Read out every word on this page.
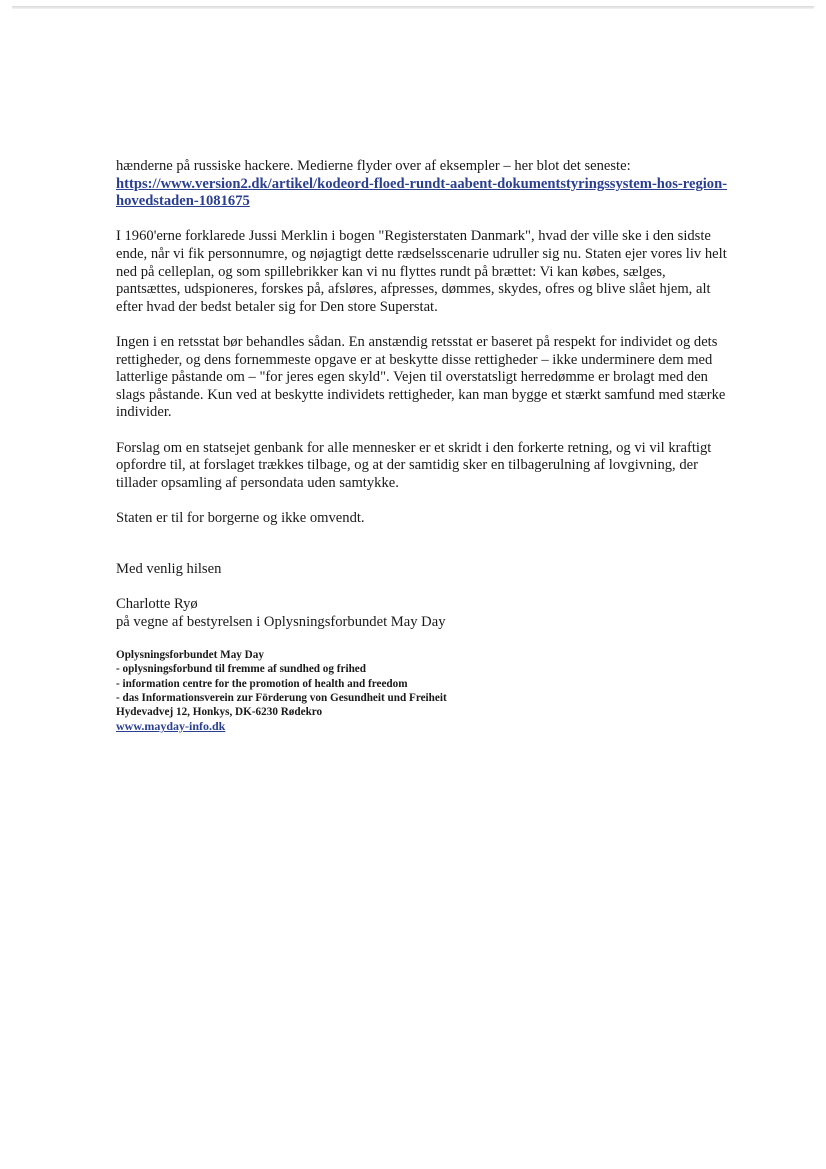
hænderne på russiske hackere. Medierne flyder over af eksempler – her blot det seneste:
https://www.version2.dk/artikel/kodeord-floed-rundt-aabent-dokumentstyringssystem-hos-region-hovedstaden-1081675

I 1960'erne forklarede Jussi Merklin i bogen "Registerstaten Danmark", hvad der ville ske i den sidste ende, når vi fik personnumre, og nøjagtigt dette rædselsscenarie udruller sig nu. Staten ejer vores liv helt ned på celleplan, og som spillebrikker kan vi nu flyttes rundt på brættet: Vi kan købes, sælges, pantsættes, udspioneres, forskes på, afsløres, afpresses, dømmes, skydes, ofres og blive slået hjem, alt efter hvad der bedst betaler sig for Den store Superstat.

Ingen i en retsstat bør behandles sådan. En anstændig retsstat er baseret på respekt for individet og dets rettigheder, og dens fornemmeste opgave er at beskytte disse rettigheder – ikke underminere dem med latterlige påstande om – "for jeres egen skyld". Vejen til overstatsligt herredømme er brolagt med den slags påstande. Kun ved at beskytte individets rettigheder, kan man bygge et stærkt samfund med stærke individer.

Forslag om en statsejet genbank for alle mennesker er et skridt i den forkerte retning, og vi vil kraftigt opfordre til, at forslaget trækkes tilbage, og at der samtidig sker en tilbagerulning af lovgivning, der tillader opsamling af persondata uden samtykke.

Staten er til for borgerne og ikke omvendt.

Med venlig hilsen
Charlotte Ryø
på vegne af bestyrelsen i Oplysningsforbundet May Day
Oplysningsforbundet May Day
- oplysningsforbund til fremme af sundhed og frihed
- information centre for the promotion of health and freedom
- das Informationsverein zur Förderung von Gesundheit und Freiheit
Hydevadvej 12, Honkys, DK-6230 Rødekro
www.mayday-info.dk
